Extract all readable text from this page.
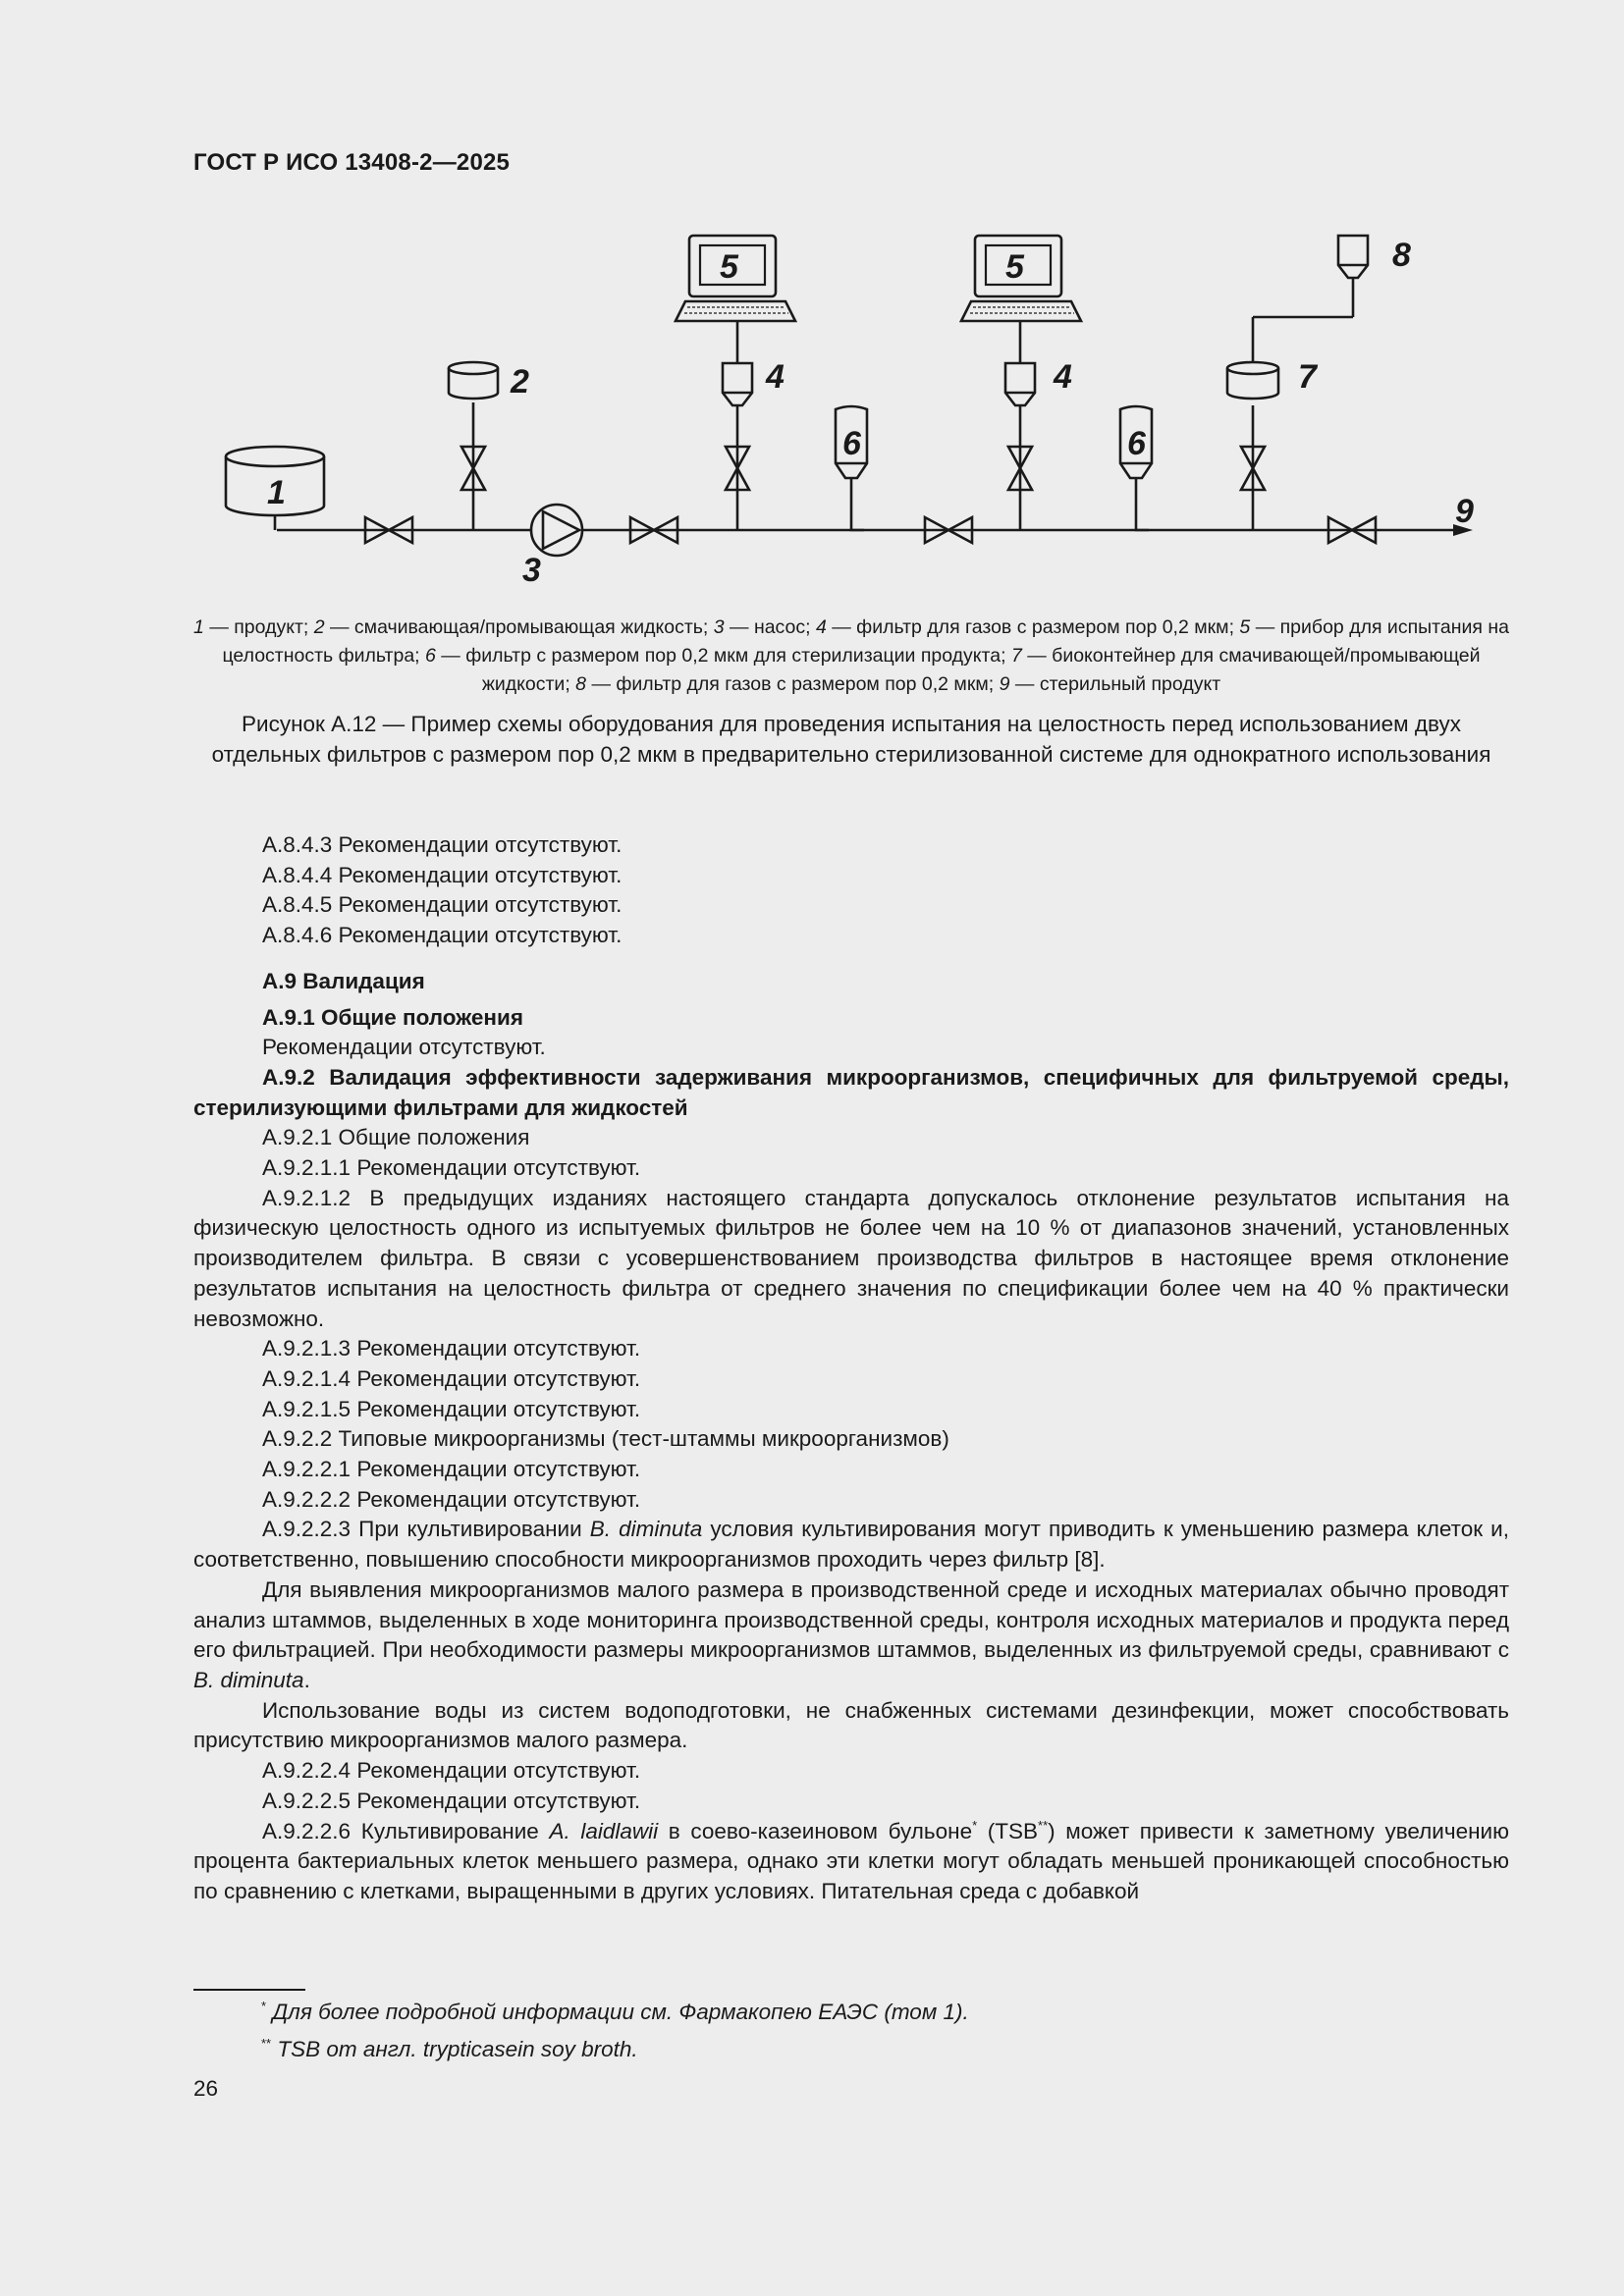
ГОСТ Р ИСО 13408-2—2025
1
2
3
5
4
6
5
4
6
7
8
9
1 — продукт; 2 — смачивающая/промывающая жидкость; 3 — насос; 4 — фильтр для газов с размером пор 0,2 мкм; 5 — прибор для испытания на целостность фильтра; 6 — фильтр с размером пор 0,2 мкм для стерилизации продукта; 7 — биоконтейнер для смачивающей/промывающей жидкости; 8 — фильтр для газов с размером пор 0,2 мкм; 9 — стерильный продукт
Рисунок А.12 — Пример схемы оборудования для проведения испытания на целостность перед использованием двух отдельных фильтров с размером пор 0,2 мкм в предварительно стерилизованной системе для однократного использования

А.8.4.3 Рекомендации отсутствуют.

А.8.4.4 Рекомендации отсутствуют.

А.8.4.5 Рекомендации отсутствуют.

А.8.4.6 Рекомендации отсутствуют.

А.9 Валидация

А.9.1 Общие положения

Рекомендации отсутствуют.

А.9.2 Валидация эффективности задерживания микроорганизмов, специфичных для фильтруемой среды, стерилизующими фильтрами для жидкостей

А.9.2.1 Общие положения

А.9.2.1.1 Рекомендации отсутствуют.

А.9.2.1.2 В предыдущих изданиях настоящего стандарта допускалось отклонение результатов испытания на физическую целостность одного из испытуемых фильтров не более чем на 10 % от диапазонов значений, установленных производителем фильтра. В связи с усовершенствованием производства фильтров в настоящее время отклонение результатов испытания на целостность фильтра от среднего значения по спецификации более чем на 40 % практически невозможно.

А.9.2.1.3 Рекомендации отсутствуют.

А.9.2.1.4 Рекомендации отсутствуют.

А.9.2.1.5 Рекомендации отсутствуют.

А.9.2.2 Типовые микроорганизмы (тест-штаммы микроорганизмов)

А.9.2.2.1 Рекомендации отсутствуют.

А.9.2.2.2 Рекомендации отсутствуют.

А.9.2.2.3 При культивировании B. diminuta условия культивирования могут приводить к уменьшению размера клеток и, соответственно, повышению способности микроорганизмов проходить через фильтр [8].

Для выявления микроорганизмов малого размера в производственной среде и исходных материалах обычно проводят анализ штаммов, выделенных в ходе мониторинга производственной среды, контроля исходных материалов и продукта перед его фильтрацией. При необходимости размеры микроорганизмов штаммов, выделенных из фильтруемой среды, сравнивают с B. diminuta.

Использование воды из систем водоподготовки, не снабженных системами дезинфекции, может способствовать присутствию микроорганизмов малого размера.

А.9.2.2.4 Рекомендации отсутствуют.

А.9.2.2.5 Рекомендации отсутствуют.

А.9.2.2.6 Культивирование A. laidlawii в соево-казеиновом бульоне* (TSB**) может привести к заметному увеличению процента бактериальных клеток меньшего размера, однако эти клетки могут обладать меньшей проникающей способностью по сравнению с клетками, выращенными в других условиях. Питательная среда с добавкой

* Для более подробной информации см. Фармакопею ЕАЭС (том 1).

** TSB от англ. trypticasein soy broth.

26
